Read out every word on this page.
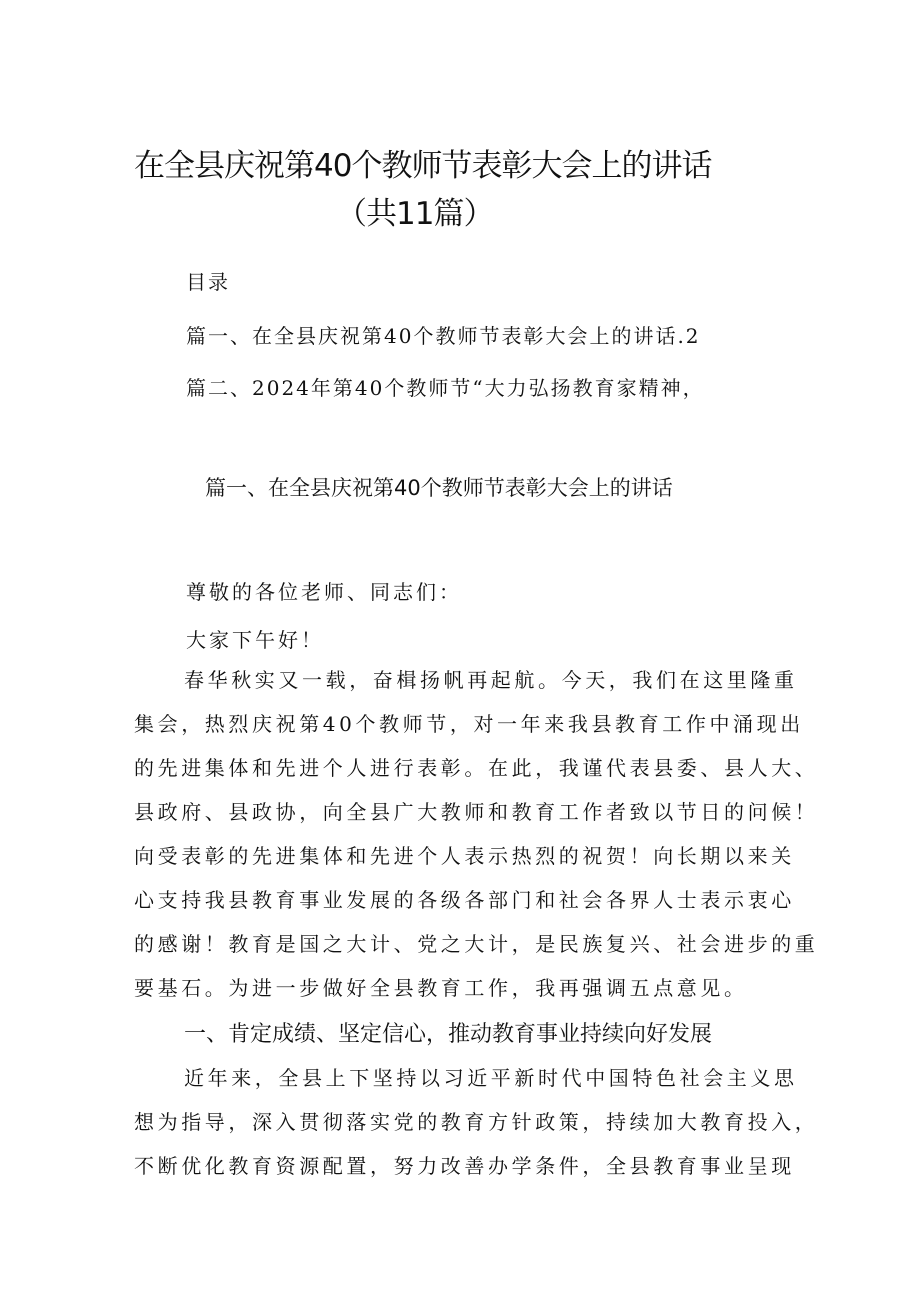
在全县庆祝第40个教师节表彰大会上的讲话
（共11篇）
目录
篇一、在全县庆祝第40个教师节表彰大会上的讲话.2
篇二、2024年第40个教师节“大力弘扬教育家精神，
篇一、在全县庆祝第40个教师节表彰大会上的讲话
尊敬的各位老师、同志们：
大家下午好！
春华秋实又一载，奋楫扬帆再起航。今天，我们在这里隆重
集会，热烈庆祝第40个教师节，对一年来我县教育工作中涌现出
的先进集体和先进个人进行表彰。在此，我谨代表县委、县人大、
县政府、县政协，向全县广大教师和教育工作者致以节日的问候！
向受表彰的先进集体和先进个人表示热烈的祝贺！向长期以来关
心支持我县教育事业发展的各级各部门和社会各界人士表示衷心
的感谢！教育是国之大计、党之大计，是民族复兴、社会进步的重
要基石。为进一步做好全县教育工作，我再强调五点意见。
一、肯定成绩、坚定信心，推动教育事业持续向好发展
近年来，全县上下坚持以习近平新时代中国特色社会主义思
想为指导，深入贯彻落实党的教育方针政策，持续加大教育投入，
不断优化教育资源配置，努力改善办学条件，全县教育事业呈现
